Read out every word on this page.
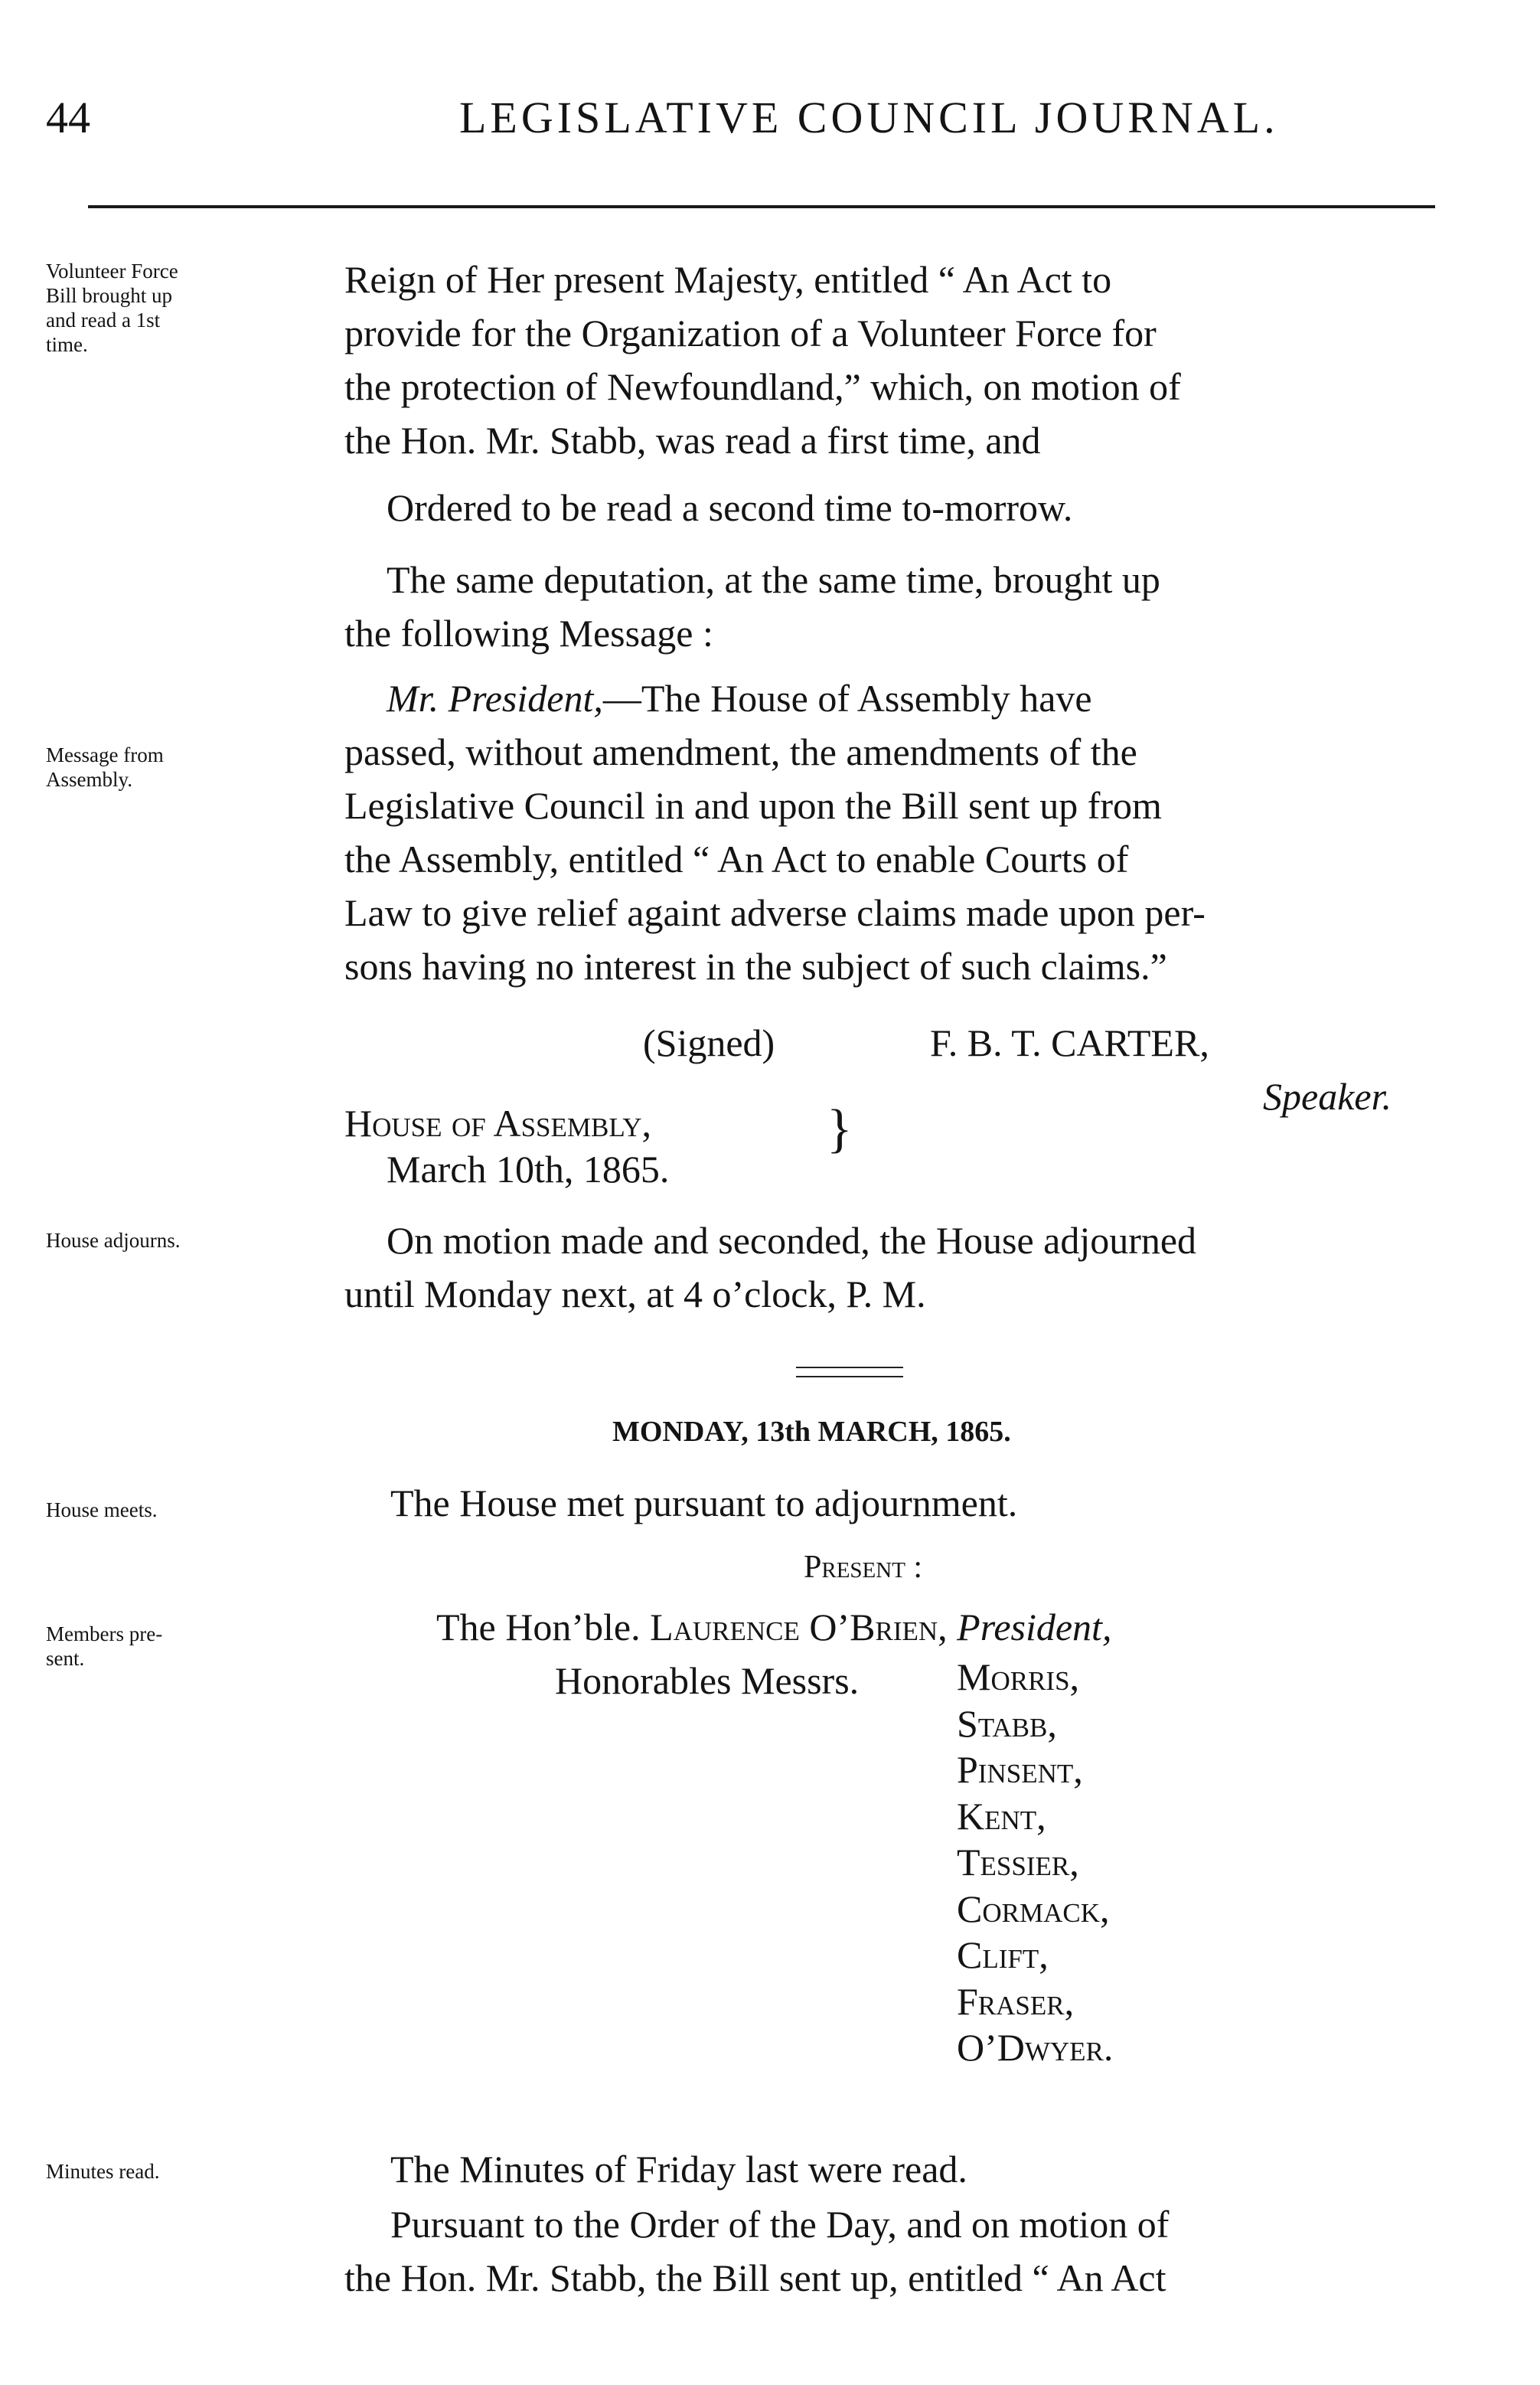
44	LEGISLATIVE COUNCIL JOURNAL.
Volunteer Force
Bill brought up
and read a 1st
time.
Message from
Assembly.
House adjourns.
House meets.
Members pre-
sent.
Minutes read.
Reign of Her present Majesty, entitled “ An Act to
provide for the Organization of a Volunteer Force for
the protection of Newfoundland,” which, on motion of
the Hon. Mr. Stabb, was read a first time, and
Ordered to be read a second time to-morrow.
The same deputation, at the same time, brought up
the following Message :
Mr. President,—The House of Assembly have
passed, without amendment, the amendments of the
Legislative Council in and upon the Bill sent up from
the Assembly, entitled “ An Act to enable Courts of
Law to give relief againt adverse claims made upon per-
sons having no interest in the subject of such claims.”
(Signed)	F. B. T. CARTER,
Speaker.
House of Assembly,
March 10th, 1865.
}
On motion made and seconded, the House adjourned
until Monday next, at 4 o’clock, P. M.
MONDAY, 13th MARCH, 1865.
The House met pursuant to adjournment.
Present :
The Hon’ble. Laurence O’Brien, President,
Honorables Messrs.	Morris,
Stabb,
Pinsent,
Kent,
Tessier,
Cormack,
Clift,
Fraser,
O’Dwyer.
The Minutes of Friday last were read.
Pursuant to the Order of the Day, and on motion of
the Hon. Mr. Stabb, the Bill sent up, entitled “ An Act
